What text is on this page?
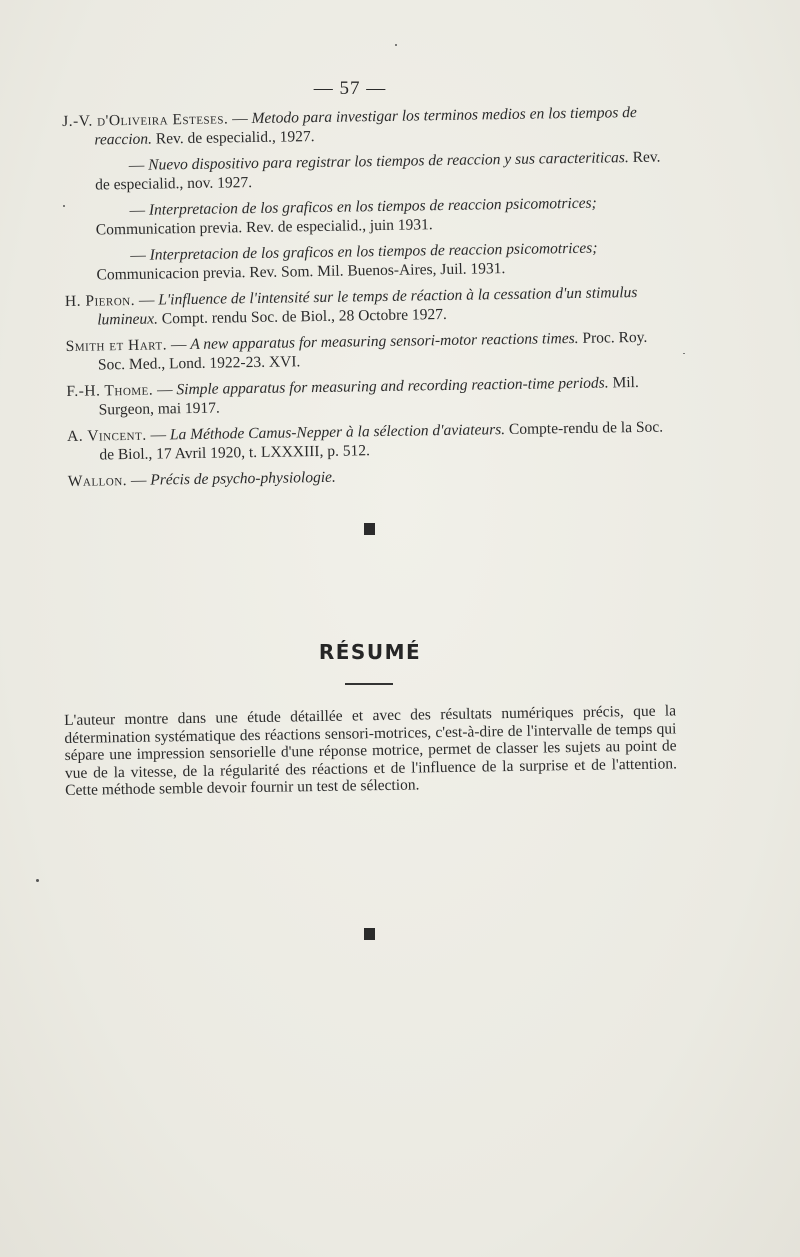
— 57 —

J.-V. d'Oliveira Esteses. — Metodo para investigar los terminos medios en los tiempos de reaccion. Rev. de especialid., 1927.

— Nuevo dispositivo para registrar los tiempos de reaccion y sus caracteriticas. Rev. de especialid., nov. 1927.

— Interpretacion de los graficos en los tiempos de reaccion psicomotrices; Communication previa. Rev. de especialid., juin 1931.

— Interpretacion de los graficos en los tiempos de reaccion psicomotrices; Communicacion previa. Rev. Som. Mil. Buenos-Aires, Juil. 1931.

H. Pieron. — L'influence de l'intensité sur le temps de réaction à la cessation d'un stimulus lumineux. Compt. rendu Soc. de Biol., 28 Octobre 1927.

Smith et Hart. — A new apparatus for measuring sensori-motor reactions times. Proc. Roy. Soc. Med., Lond. 1922-23. XVI.

F.-H. Thome. — Simple apparatus for measuring and recording reaction-time periods. Mil. Surgeon, mai 1917.

A. Vincent. — La Méthode Camus-Nepper à la sélection d'aviateurs. Compte-rendu de la Soc. de Biol., 17 Avril 1920, t. LXXXIII, p. 512.

Wallon. — Précis de psycho-physiologie.

RÉSUMÉ

L'auteur montre dans une étude détaillée et avec des résultats numériques précis, que la détermination systématique des réactions sensori-motrices, c'est-à-dire de l'intervalle de temps qui sépare une impression sensorielle d'une réponse motrice, permet de classer les sujets au point de vue de la vitesse, de la régularité des réactions et de l'influence de la surprise et de l'attention. Cette méthode semble devoir fournir un test de sélection.
